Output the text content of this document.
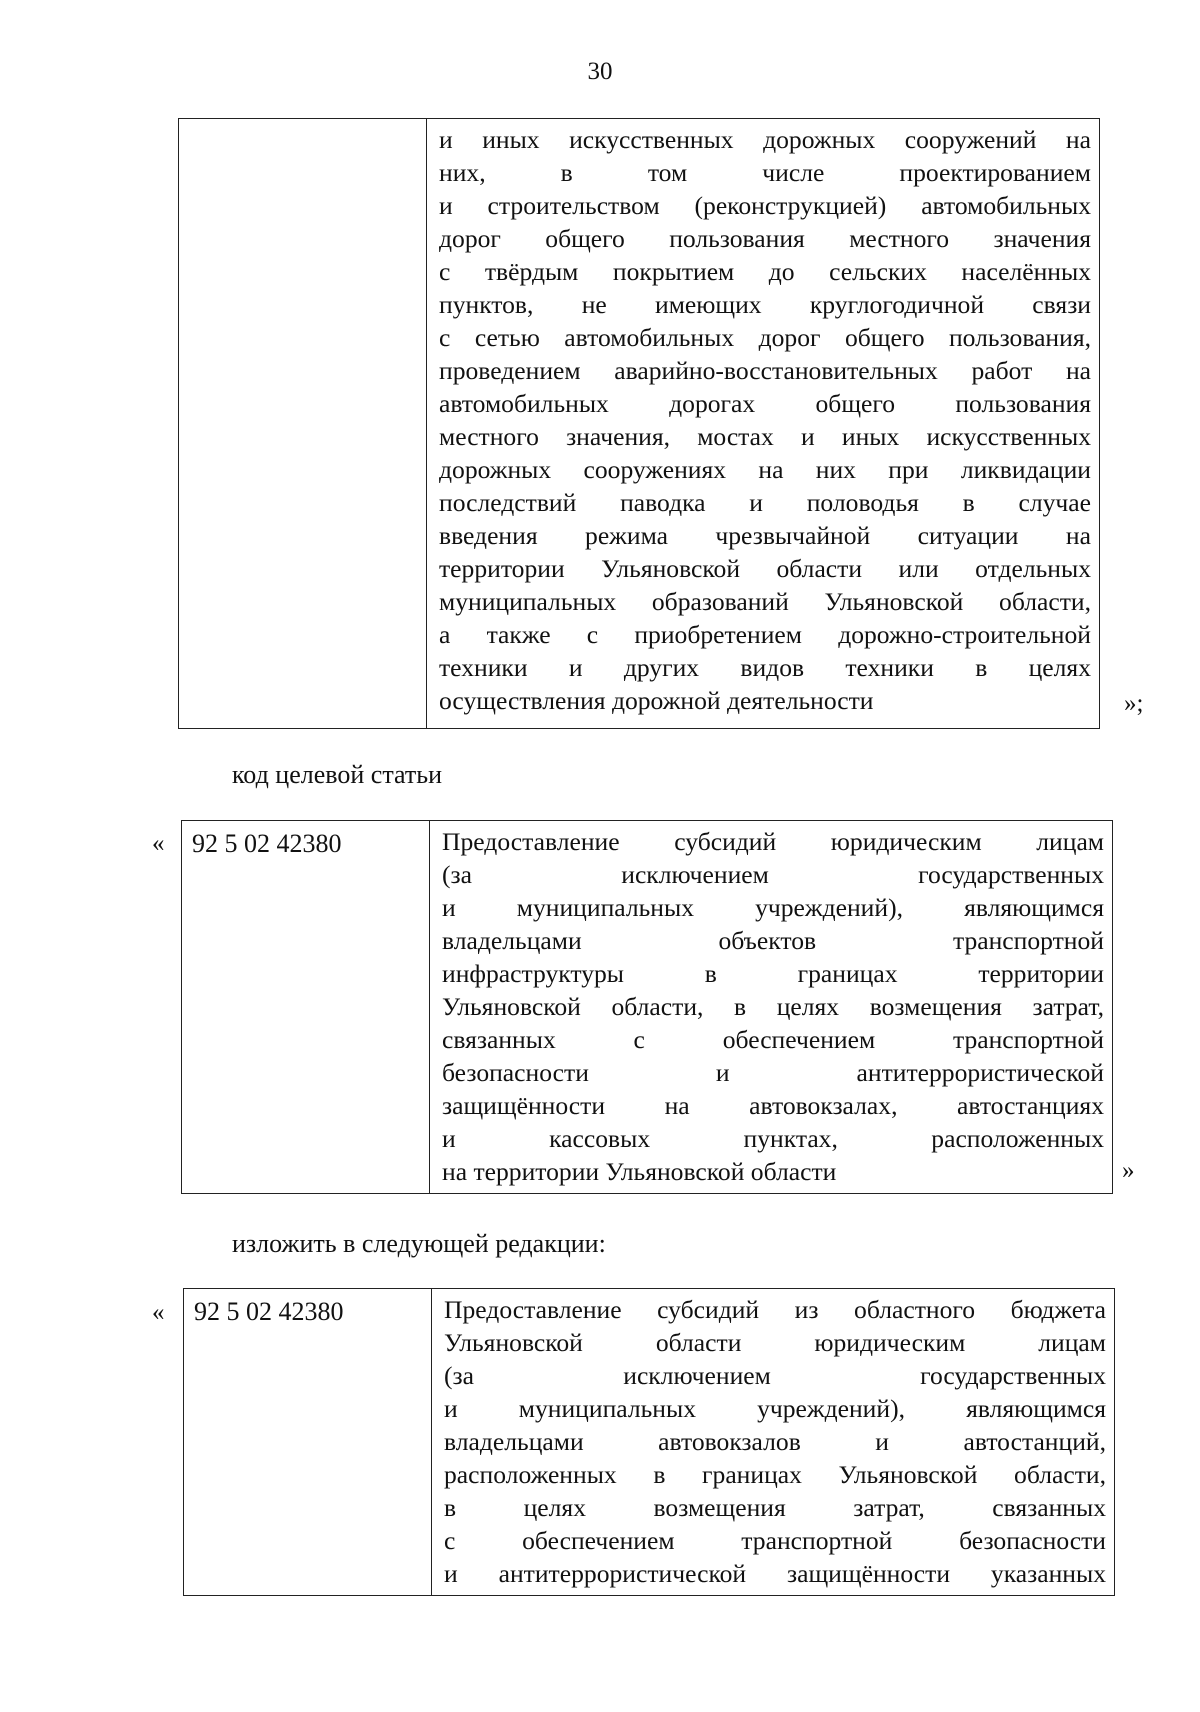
30
и иных искусственных дорожных сооружений на
них, в том числе проектированием
и строительством (реконструкцией) автомобильных
дорог общего пользования местного значения
с твёрдым покрытием до сельских населённых
пунктов, не имеющих круглогодичной связи
с сетью автомобильных дорог общего пользования,
проведением аварийно-восстановительных работ на
автомобильных дорогах общего пользования
местного значения, мостах и иных искусственных
дорожных сооружениях на них при ликвидации
последствий паводка и половодья в случае
введения режима чрезвычайной ситуации на
территории Ульяновской области или отдельных
муниципальных образований Ульяновской области,
а также с приобретением дорожно-строительной
техники и других видов техники в целях
осуществления дорожной деятельности	»;
код целевой статьи
«	92 5 02 42380	Предоставление субсидий юридическим лицам
(за исключением государственных
и муниципальных учреждений), являющимся
владельцами объектов транспортной
инфраструктуры в границах территории
Ульяновской области, в целях возмещения затрат,
связанных с обеспечением транспортной
безопасности и антитеррористической
защищённости на автовокзалах, автостанциях
и кассовых пунктах, расположенных
на территории Ульяновской области	»
изложить в следующей редакции:
«	92 5 02 42380	Предоставление субсидий из областного бюджета
Ульяновской области юридическим лицам
(за исключением государственных
и муниципальных учреждений), являющимся
владельцами автовокзалов и автостанций,
расположенных в границах Ульяновской области,
в целях возмещения затрат, связанных
с обеспечением транспортной безопасности
и антитеррористической защищённости указанных
